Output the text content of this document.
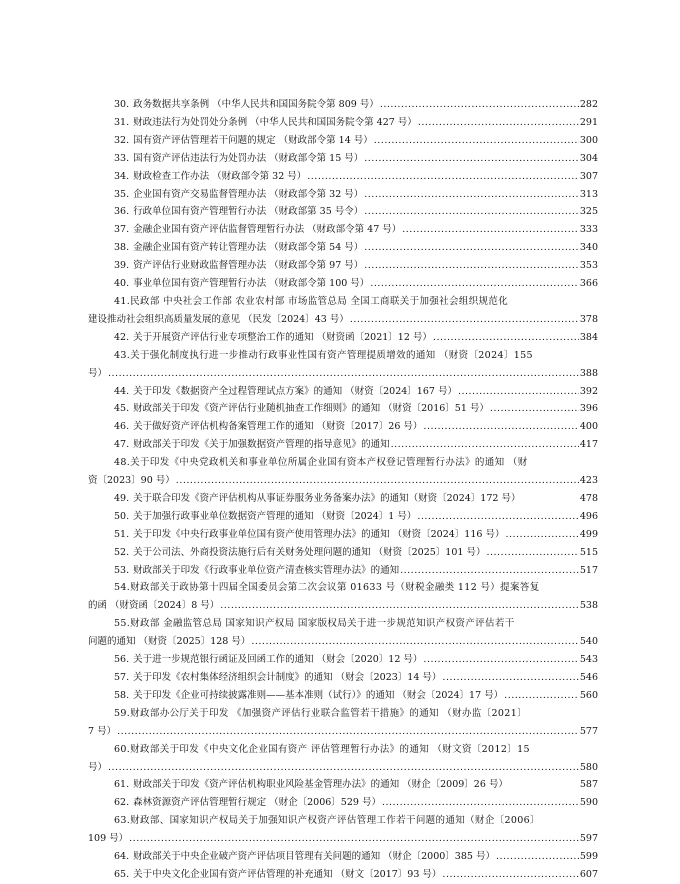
30. 政务数据共享条例 （中华人民共和国国务院令第 809 号） .....	282
31. 财政违法行为处罚处分条例 （中华人民共和国国务院令第 427 号） .....	291
32. 国有资产评估管理若干问题的规定 （财政部令第 14 号） .....	300
33. 国有资产评估违法行为处罚办法 （财政部令第 15 号） .....	304
34. 财政检查工作办法 （财政部令第 32 号） .....	307
35. 企业国有资产交易监督管理办法 （财政部令第 32 号） .....	313
36. 行政单位国有资产管理暂行办法 （财政部第 35 号令） .....	325
37. 金融企业国有资产评估监督管理暂行办法 （财政部令第 47 号） .....	333
38. 金融企业国有资产转让管理办法 （财政部令第 54 号） .....	340
39. 资产评估行业财政监督管理办法 （财政部令第 97 号） .....	353
40. 事业单位国有资产管理暂行办法 （财政部令第 100 号） .....	366
41.民政部 中央社会工作部 农业农村部 市场监管总局 全国工商联关于加强社会组织规范化
建设推动社会组织高质量发展的意见 （民发〔2024〕43 号） .....	378
42. 关于开展资产评估行业专项整治工作的通知 （财资函〔2021〕12 号） .....	384
43.关于强化制度执行进一步推动行政事业性国有资产管理提质增效的通知 （财资〔2024〕155
号） .....	388
44. 关于印发《数据资产全过程管理试点方案》的通知 （财资〔2024〕167 号） .....	392
45. 财政部关于印发《资产评估行业随机抽查工作细则》的通知 （财资〔2016〕51 号） .....	396
46. 关于做好资产评估机构备案管理工作的通知 （财资〔2017〕26 号） .....	400
47. 财政部关于印发《关于加强数据资产管理的指导意见》的通知 .....	417
48.关于印发《中央党政机关和事业单位所属企业国有资本产权登记管理暂行办法》的通知 （财
资〔2023〕90 号） .....	423
49. 关于联合印发《资产评估机构从事证券服务业务备案办法》的通知（财资〔2024〕172 号）	478
50. 关于加强行政事业单位数据资产管理的通知 （财资〔2024〕1 号） .....	496
51. 关于印发《中央行政事业单位国有资产使用管理办法》的通知 （财资〔2024〕116 号） .....	499
52. 关于公司法、外商投资法施行后有关财务处理问题的通知 （财资〔2025〕101 号） .....	515
53. 财政部关于印发《行政事业单位资产清查核实管理办法》的通知 .....	517
54.财政部关于政协第十四届全国委员会第二次会议第 01633 号（财税金融类 112 号）提案答复
的函 （财资函〔2024〕8 号） .....	538
55.财政部 金融监管总局 国家知识产权局 国家版权局关于进一步规范知识产权资产评估若干
问题的通知 （财资〔2025〕128 号） .....	540
56. 关于进一步规范银行函证及回函工作的通知 （财会〔2020〕12 号） .....	543
57. 关于印发《农村集体经济组织会计制度》的通知 （财会〔2023〕14 号） .....	546
58. 关于印发《企业可持续披露准则——基本准则（试行）》的通知 （财会〔2024〕17 号） .....	560
59.财政部办公厅关于印发 《加强资产评估行业联合监管若干措施》的通知 （财办监〔2021〕
7 号） .....	577
60.财政部关于印发《中央文化企业国有资产 评估管理暂行办法》的通知 （财文资〔2012〕15
号） .....	580
61. 财政部关于印发《资产评估机构职业风险基金管理办法》的通知 （财企〔2009〕26 号）	587
62. 森林资源资产评估管理暂行规定 （财企〔2006〕529 号） .....	590
63.财政部、国家知识产权局关于加强知识产权资产评估管理工作若干问题的通知（财企〔2006〕
109 号） .....	597
64. 财政部关于中央企业破产资产评估项目管理有关问题的通知 （财企〔2000〕385 号） .....	599
65. 关于中央文化企业国有资产评估管理的补充通知 （财文〔2017〕93 号） .....	607
